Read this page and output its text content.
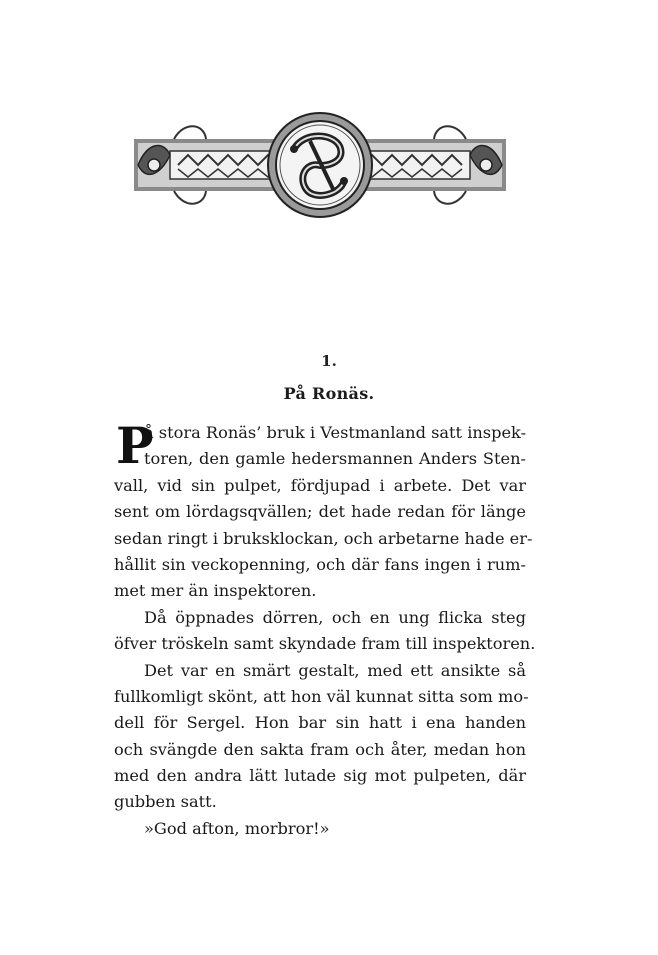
1.
På Ronäs.
P
å stora Ronäs’ bruk i Vestmanland satt inspek-
toren, den gamle hedersmannen Anders Sten-
vall, vid sin pulpet, fördjupad i arbete. Det var
sent om lördagsqvällen; det hade redan för länge
sedan ringt i bruksklockan, och arbetarne hade er-
hållit sin veckopenning, och där fans ingen i rum-
met mer än inspektoren.
Då öppnades dörren, och en ung flicka steg
öfver tröskeln samt skyndade fram till inspektoren.
Det var en smärt gestalt, med ett ansikte så
fullkomligt skönt, att hon väl kunnat sitta som mo-
dell för Sergel. Hon bar sin hatt i ena handen
och svängde den sakta fram och åter, medan hon
med den andra lätt lutade sig mot pulpeten, där
gubben satt.
»God afton, morbror!»
